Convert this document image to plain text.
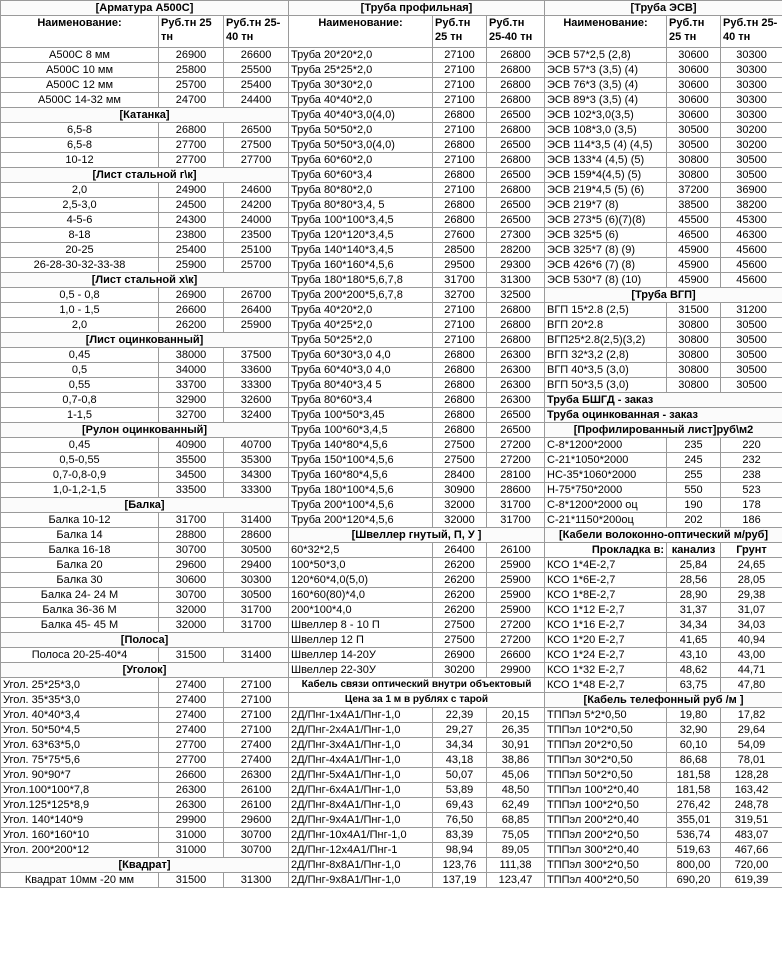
[Арматура А500С]		
Наименование:	Руб.тн 25 тн	Руб.тн 25-40 тн
А500С 8 мм	26900	26600
А500С 10 мм	25800	25500
А500С 12 мм	25700	25400
А500С 14-32 мм	24700	24400
[Катанка]		
6,5-8	26800	26500
6,5-8	27700	27500
10-12	27700	27700
[Лист стальной г\к]		
2,0	24900	24600
2,5-3,0	24500	24200
4-5-6	24300	24000
8-18	23800	23500
20-25	25400	25100
26-28-30-32-33-38	25900	25700
[Лист стальной х\к]		
0,5 - 0,8	26900	26700
1,0 - 1,5	26600	26400
2,0	26200	25900
[Лист оцинкованный]		
0,45	38000	37500
0,5	34000	33600
0,55	33700	33300
0,7-0,8	32900	32600
1-1,5	32700	32400
[Рулон оцинкованный]		
0,45	40900	40700
0,5-0,55	35500	35300
0,7-0,8-0,9	34500	34300
1,0-1,2-1,5	33500	33300
[Балка]		
Балка 10-12	31700	31400
Балка 14	28800	28600
Балка 16-18	30700	30500
Балка 20	29600	29400
Балка 30	30600	30300
Балка 24- 24 М	30700	30500
Балка 36-36 М	32000	31700
Балка 45- 45 М	32000	31700
[Полоса]		
Полоса 20-25-40*4	31500	31400
[Уголок]		
Угол. 25*25*3,0	27400	27100
Угол. 35*35*3,0	27400	27100
Угол. 40*40*3,4	27400	27100
Угол. 50*50*4,5	27400	27100
Угол. 63*63*5,0	27700	27400
Угол. 75*75*5,6	27700	27400
Угол. 90*90*7	26600	26300
Угол.100*100*7,8	26300	26100
Угол.125*125*8,9	26300	26100
Угол. 140*140*9	29900	29600
Угол. 160*160*10	31000	30700
Угол. 200*200*12	31000	30700
[Квадрат]		
Квадрат 10мм -20 мм	31500	31300
[Труба профильная]		
Наименование:	Руб.тн 25 тн	Руб.тн 25-40 тн
Труба 20*20*2,0	27100	26800
Труба 25*25*2,0	27100	26800
Труба 30*30*2,0	27100	26800
Труба 40*40*2,0	27100	26800
Труба 40*40*3,0(4,0)	26800	26500
Труба 50*50*2,0	27100	26800
Труба 50*50*3,0(4,0)	26800	26500
Труба 60*60*2,0	27100	26800
Труба 60*60*3,4	26800	26500
Труба 80*80*2,0	27100	26800
Труба 80*80*3,4, 5	26800	26500
Труба 100*100*3,4,5	26800	26500
Труба 120*120*3,4,5	27600	27300
Труба 140*140*3,4,5	28500	28200
Труба 160*160*4,5,6	29500	29300
Труба 180*180*5,6,7,8	31700	31300
Труба 200*200*5,6,7,8	32700	32500
Труба 40*20*2,0	27100	26800
Труба 40*25*2,0	27100	26800
Труба 50*25*2,0	27100	26800
Труба 60*30*3,0 4,0	26800	26300
Труба 60*40*3,0 4,0	26800	26300
Труба 80*40*3,4 5	26800	26300
Труба 80*60*3,4	26800	26300
Труба 100*50*3,45	26800	26500
Труба 100*60*3,4,5	26800	26500
Труба 140*80*4,5,6	27500	27200
Труба 150*100*4,5,6	27500	27200
Труба 160*80*4,5,6	28400	28100
Труба 180*100*4,5,6	30900	28600
Труба 200*100*4,5,6	32000	31700
Труба 200*120*4,5,6	32000	31700
[Швеллер гнутый, П, У ]		
60*32*2,5	26400	26100
100*50*3,0	26200	25900
120*60*4,0(5,0)	26200	25900
160*60(80)*4,0	26200	25900
200*100*4,0	26200	25900
Швеллер 8 - 10 П	27500	27200
Швеллер 12 П	27500	27200
Швеллер 14-20У	26900	26600
Швеллер 22-30У	30200	29900
Кабель связи оптический внутри объектовый		
Цена за 1 м в рублях с тарой		
2Д/Пнг-1х4А1/Пнг-1,0	22,39	20,15
2Д/Пнг-2х4А1/Пнг-1,0	29,27	26,35
2Д/Пнг-3х4А1/Пнг-1,0	34,34	30,91
2Д/Пнг-4х4А1/Пнг-1,0	43,18	38,86
2Д/Пнг-5х4А1/Пнг-1,0	50,07	45,06
2Д/Пнг-6х4А1/Пнг-1,0	53,89	48,50
2Д/Пнг-8х4А1/Пнг-1,0	69,43	62,49
2Д/Пнг-9х4А1/Пнг-1,0	76,50	68,85
2Д/Пнг-10х4А1/Пнг-1,0	83,39	75,05
2Д/Пнг-12х4А1/Пнг-1	98,94	89,05
2Д/Пнг-8х8А1/Пнг-1,0	123,76	111,38
2Д/Пнг-9х8А1/Пнг-1,0	137,19	123,47
[Труба ЭСВ]		
Наименование:	Руб.тн 25 тн	Руб.тн 25-40 тн
ЭСВ 57*2,5 (2,8)	30600	30300
ЭСВ 57*3 (3,5) (4)	30600	30300
ЭСВ 76*3 (3,5) (4)	30600	30300
ЭСВ 89*3 (3,5) (4)	30600	30300
ЭСВ 102*3,0(3,5)	30600	30300
ЭСВ 108*3,0 (3,5)	30500	30200
ЭСВ 114*3,5 (4) (4,5)	30500	30200
ЭСВ 133*4 (4,5) (5)	30800	30500
ЭСВ 159*4(4,5) (5)	30800	30500
ЭСВ 219*4,5 (5) (6)	37200	36900
ЭСВ 219*7 (8)	38500	38200
ЭСВ 273*5 (6)(7)(8)	45500	45300
ЭСВ 325*5 (6)	46500	46300
ЭСВ 325*7 (8) (9)	45900	45600
ЭСВ 426*6 (7) (8)	45900	45600
ЭСВ 530*7 (8) (10)	45900	45600
[Труба ВГП]		
ВГП 15*2.8 (2,5)	31500	31200
ВГП 20*2.8	30800	30500
ВГП25*2.8(2,5)(3,2)	30800	30500
ВГП 32*3,2 (2,8)	30800	30500
ВГП 40*3,5 (3,0)	30800	30500
ВГП 50*3,5 (3,0)	30800	30500
Труба БШГД - заказ		
Труба оцинкованная - заказ		
[Профилированный лист]руб\м2		
С-8*1200*2000	235	220
С-21*1050*2000	245	232
НС-35*1060*2000	255	238
Н-75*750*2000	550	523
С-8*1200*2000 оц	190	178
С-21*1150*200оц	202	186
[Кабели волоконно-оптический м/руб]		
Прокладка в:	канализ	Грунт
КСО 1*4Е-2,7	25,84	24,65
КСО 1*6Е-2,7	28,56	28,05
КСО 1*8Е-2,7	28,90	29,38
КСО 1*12 Е-2,7	31,37	31,07
КСО 1*16 Е-2,7	34,34	34,03
КСО 1*20 Е-2,7	41,65	40,94
КСО 1*24 Е-2,7	43,10	43,00
КСО 1*32 Е-2,7	48,62	44,71
КСО 1*48 Е-2,7	63,75	47,80
[Кабель телефонный руб /м ]		
ТППэл 5*2*0,50	19,80	17,82
ТППэл 10*2*0,50	32,90	29,64
ТППэл 20*2*0,50	60,10	54,09
ТППэл 30*2*0,50	86,68	78,01
ТППэл 50*2*0,50	181,58	128,28
ТППэл 100*2*0,40	181,58	163,42
ТППэл 100*2*0,50	276,42	248,78
ТППэл 200*2*0,40	355,01	319,51
ТППэл 200*2*0,50	536,74	483,07
ТППэл 300*2*0,40	519,63	467,66
ТППэл 300*2*0,50	800,00	720,00
ТППэл 400*2*0,50	690,20	619,39
